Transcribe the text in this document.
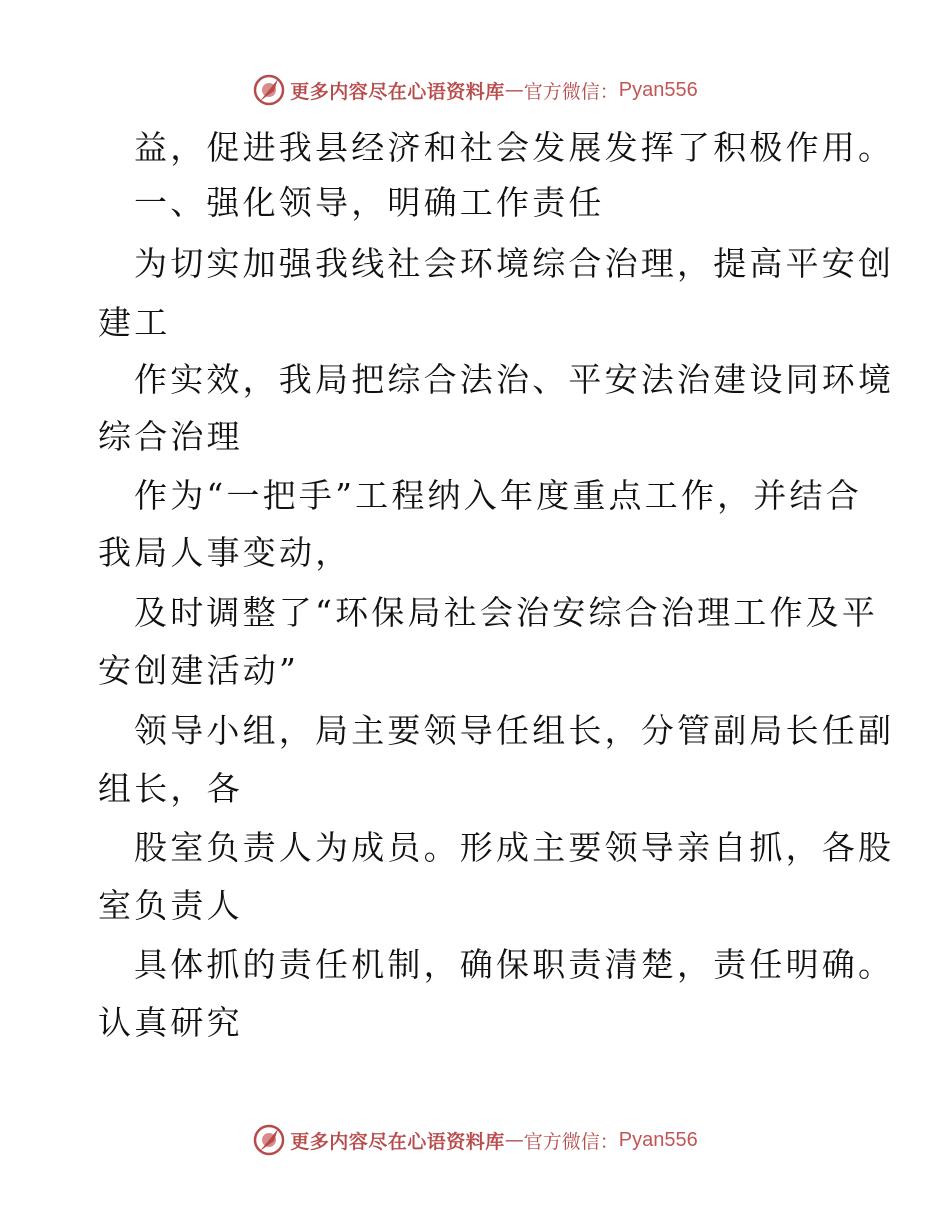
更多内容尽在心语资料库 — 官方微信： Pyan556
益，促进我县经济和社会发展发挥了积极作用。
一、强化领导，明确工作责任
为切实加强我线社会环境综合治理，提高平安创
建工
作实效，我局把综合法治、平安法治建设同环境
综合治理
作为“一把手”工程纳入年度重点工作，并结合
我局人事变动，
及时调整了“环保局社会治安综合治理工作及平
安创建活动”
领导小组，局主要领导任组长，分管副局长任副
组长，各
股室负责人为成员。形成主要领导亲自抓，各股
室负责人
具体抓的责任机制，确保职责清楚，责任明确。
认真研究
更多内容尽在心语资料库 — 官方微信： Pyan556
